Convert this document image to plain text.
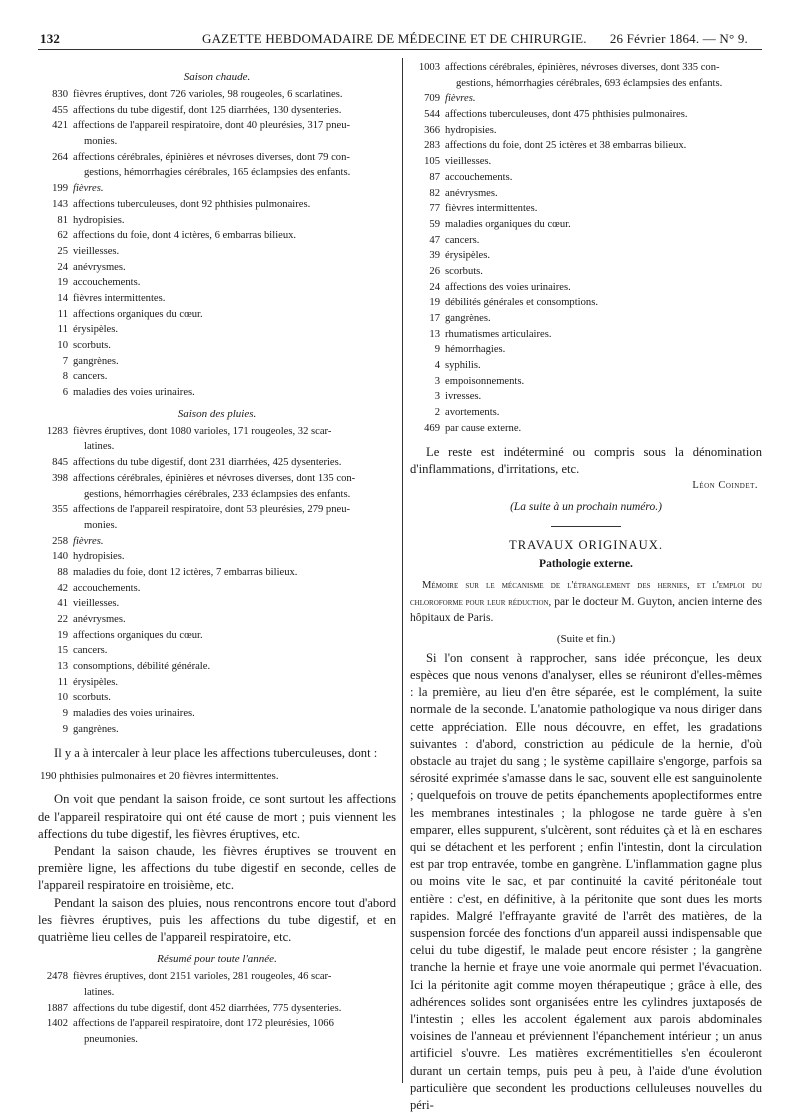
132	GAZETTE HEBDOMADAIRE DE MÉDECINE ET DE CHIRURGIE. 26 Février 1864. — N° 9.
Saison chaude.
830 fièvres éruptives, dont 726 varioles, 98 rougeoles, 6 scarlatines.
455 affections du tube digestif, dont 125 diarrhées, 130 dysenteries.
421 affections de l'appareil respiratoire, dont 40 pleurésies, 317 pneu-
monies.
264 affections cérébrales, épinières et névroses diverses, dont 79 con-
gestions, hémorrhagies cérébrales, 165 éclampsies des enfants.
199 fièvres.
143 affections tuberculeuses, dont 92 phthisies pulmonaires.
81 hydropisies.
62 affections du foie, dont 4 ictères, 6 embarras bilieux.
25 vieillesses.
24 anévrysmes.
19 accouchements.
14 fièvres intermittentes.
11 affections organiques du cœur.
11 érysipèles.
10 scorbuts.
7 gangrènes.
8 cancers.
6 maladies des voies urinaires.
Saison des pluies.
1283 fièvres éruptives, dont 1080 varioles, 171 rougeoles, 32 scar-
latines.
845 affections du tube digestif, dont 231 diarrhées, 425 dysenteries.
398 affections cérébrales, épinières et névroses diverses, dont 135 con-
gestions, hémorrhagies cérébrales, 233 éclampsies des enfants.
355 affections de l'appareil respiratoire, dont 53 pleurésies, 279 pneu-
monies.
258 fièvres.
140 hydropisies.
88 maladies du foie, dont 12 ictères, 7 embarras bilieux.
42 accouchements.
41 vieillesses.
22 anévrysmes.
19 affections organiques du cœur.
15 cancers.
13 consomptions, débilité générale.
11 érysipèles.
10 scorbuts.
9 maladies des voies urinaires.
9 gangrènes.

Il y a à intercaler à leur place les affections tuberculeuses, dont :

190 phthisies pulmonaires et 20 fièvres intermittentes.

On voit que pendant la saison froide, ce sont surtout les affections de l'appareil respiratoire qui ont été cause de mort ; puis viennent les affections du tube digestif, les fièvres éruptives, etc.

Pendant la saison chaude, les fièvres éruptives se trouvent en première ligne, les affections du tube digestif en seconde, celles de l'appareil respiratoire en troisième, etc.

Pendant la saison des pluies, nous rencontrons encore tout d'abord les fièvres éruptives, puis les affections du tube digestif, et en quatrième lieu celles de l'appareil respiratoire, etc.

Résumé pour toute l'année.
2478 fièvres éruptives, dont 2151 varioles, 281 rougeoles, 46 scar-
latines.
1887 affections du tube digestif, dont 452 diarrhées, 775 dysenteries.
1402 affections de l'appareil respiratoire, dont 172 pleurésies, 1066
pneumonies.
1003 affections cérébrales, épinières, névroses diverses, dont 335 con-
gestions, hémorrhagies cérébrales, 693 éclampsies des enfants.
709 fièvres.
544 affections tuberculeuses, dont 475 phthisies pulmonaires.
366 hydropisies.
283 affections du foie, dont 25 ictères et 38 embarras bilieux.
105 vieillesses.
87 accouchements.
82 anévrysmes.
77 fièvres intermittentes.
59 maladies organiques du cœur.
47 cancers.
39 érysipèles.
26 scorbuts.
24 affections des voies urinaires.
19 débilités générales et consomptions.
17 gangrènes.
13 rhumatismes articulaires.
9 hémorrhagies.
4 syphilis.
3 empoisonnements.
3 ivresses.
2 avortements.
469 par cause externe.

Le reste est indéterminé ou compris sous la dénomination d'inflammations, d'irritations, etc.

Léon Coindet.
(La suite à un prochain numéro.)
TRAVAUX ORIGINAUX.
Pathologie externe.

Mémoire sur le mécanisme de l'étranglement des hernies, et l'emploi du chloroforme pour leur réduction, par le docteur M. Guyton, ancien interne des hôpitaux de Paris.

(Suite et fin.)

Si l'on consent à rapprocher, sans idée préconçue, les deux espèces que nous venons d'analyser, elles se réuniront d'elles-mêmes : la première, au lieu d'en être séparée, est le complément, la suite normale de la seconde. L'anatomie pathologique va nous diriger dans cette appréciation. Elle nous découvre, en effet, les gradations suivantes : d'abord, constriction au pédicule de la hernie, d'où obstacle au trajet du sang ; le système capillaire s'engorge, parfois sa sérosité exprimée s'amasse dans le sac, souvent elle est sanguinolente ; quelquefois on trouve de petits épanchements apoplectiformes entre les membranes intestinales ; la phlogose ne tarde guère à s'en emparer, elles suppurent, s'ulcèrent, sont réduites çà et là en eschares qui se détachent et les perforent ; enfin l'intestin, dont la circulation est par trop entravée, tombe en gangrène. L'inflammation gagne plus ou moins vite le sac, et par continuité la cavité péritonéale tout entière : c'est, en définitive, à la péritonite que sont dues les morts rapides. Malgré l'effrayante gravité de l'arrêt des matières, de la suspension forcée des fonctions d'un appareil aussi indispensable que celui du tube digestif, le malade peut encore résister ; la gangrène tranche la hernie et fraye une voie anormale qui permet l'évacuation. Ici la péritonite agit comme moyen thérapeutique ; grâce à elle, des adhérences solides sont organisées entre les cylindres juxtaposés de l'intestin ; elles les accolent également aux parois abdominales voisines de l'anneau et préviennent l'épanchement intérieur ; un anus artificiel s'ouvre. Les matières excrémentitielles s'en écouleront durant un certain temps, puis peu à peu, à l'aide d'une évolution particulière que secondent les productions celluleuses nouvelles du péri-
